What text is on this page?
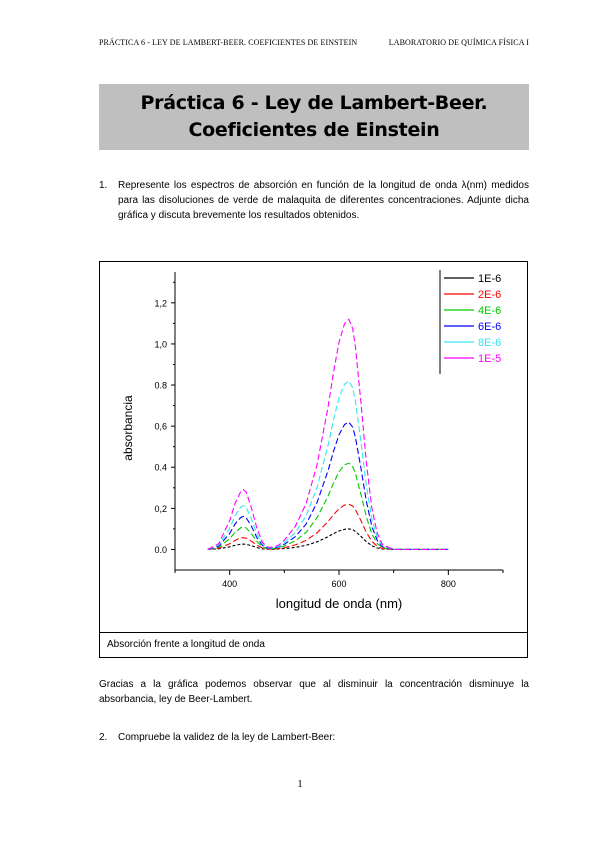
PRÁCTICA 6 - LEY DE LAMBERT-BEER. COEFICIENTES DE EINSTEIN	LABORATORIO DE QUÍMICA FÍSICA I
Práctica 6 - Ley de Lambert-Beer.
Coeficientes de Einstein
1. Represente los espectros de absorción en función de la longitud de onda λ(nm) medidos para las disoluciones de verde de malaquita de diferentes concentraciones. Adjunte dicha gráfica y discuta brevemente los resultados obtenidos.
0.0
0,2
0.4
0,6
0.8
1,0
1,2
400	600	800
1E-6
2E-6
4E-6
6E-6
8E-6
1E-5
absorbancia
longitud de onda (nm)
Absorción frente a longitud de onda
Gracias a la gráfica podemos observar que al disminuir la concentración disminuye la absorbancia, ley de Beer-Lambert.
2. Compruebe la validez de la ley de Lambert-Beer:
1
